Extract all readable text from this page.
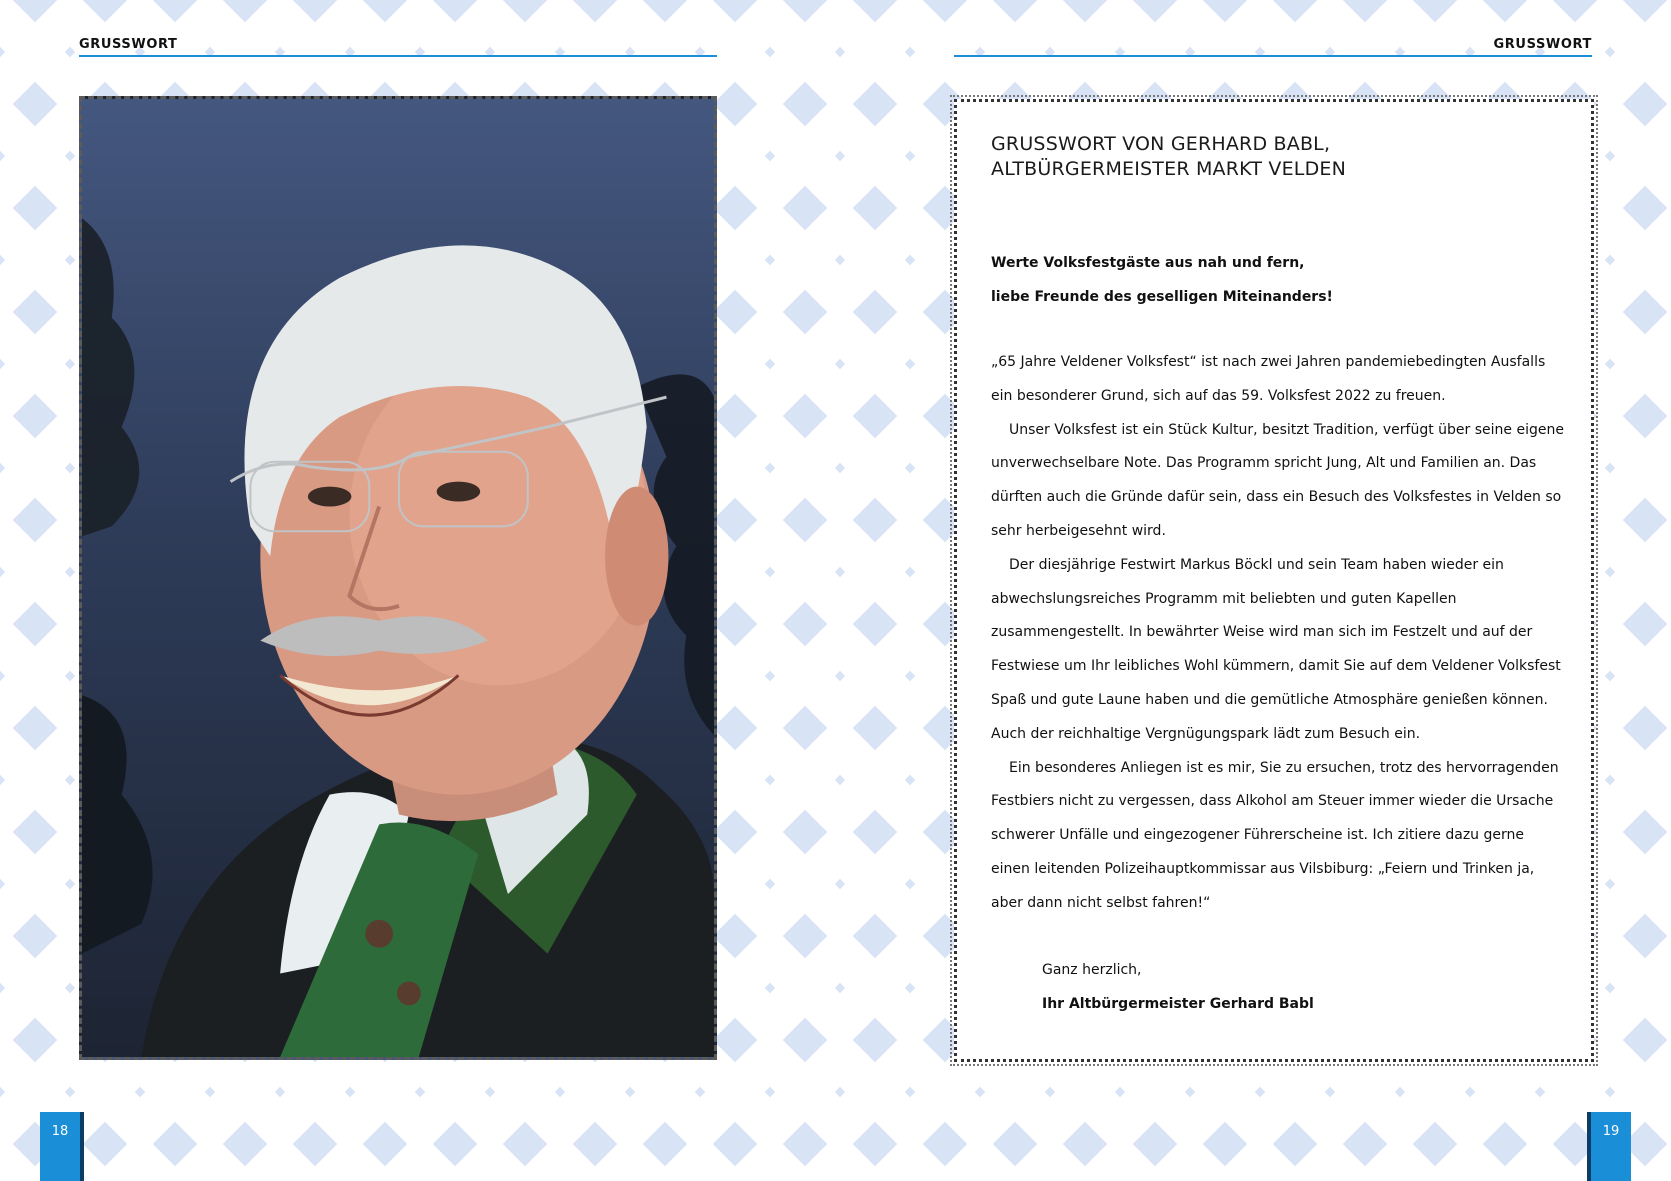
GRUSSWORT
18
GRUSSWORT
GRUSSWORT VON GERHARD BABL,
ALTBÜRGERMEISTER MARKT VELDEN
Werte Volksfestgäste aus nah und fern,
liebe Freunde des geselligen Miteinanders!

„65 Jahre Veldener Volksfest“ ist nach zwei Jahren pandemiebedingten Ausfalls ein besonderer Grund, sich auf das 59. Volksfest 2022 zu freuen.

Unser Volksfest ist ein Stück Kultur, besitzt Tradition, verfügt über seine eigene unverwechselbare Note. Das Programm spricht Jung, Alt und Familien an. Das dürften auch die Gründe dafür sein, dass ein Besuch des Volksfestes in Velden so sehr herbeigesehnt wird.

Der diesjährige Festwirt Markus Böckl und sein Team haben wieder ein abwechslungsreiches Programm mit beliebten und guten Kapellen zusammengestellt. In bewährter Weise wird man sich im Festzelt und auf der Festwiese um Ihr leibliches Wohl kümmern, damit Sie auf dem Veldener Volksfest Spaß und gute Laune haben und die gemütliche Atmosphäre genießen können. Auch der reichhaltige Vergnügungspark lädt zum Besuch ein.

Ein besonderes Anliegen ist es mir, Sie zu ersuchen, trotz des hervorragenden Festbiers nicht zu vergessen, dass Alkohol am Steuer immer wieder die Ursache schwerer Unfälle und eingezogener Führerscheine ist. Ich zitiere dazu gerne einen leitenden Polizeihauptkommissar aus Vilsbiburg: „Feiern und Trinken ja, aber dann nicht selbst fahren!“

Ganz herzlich,
Ihr Altbürgermeister Gerhard Babl
19
